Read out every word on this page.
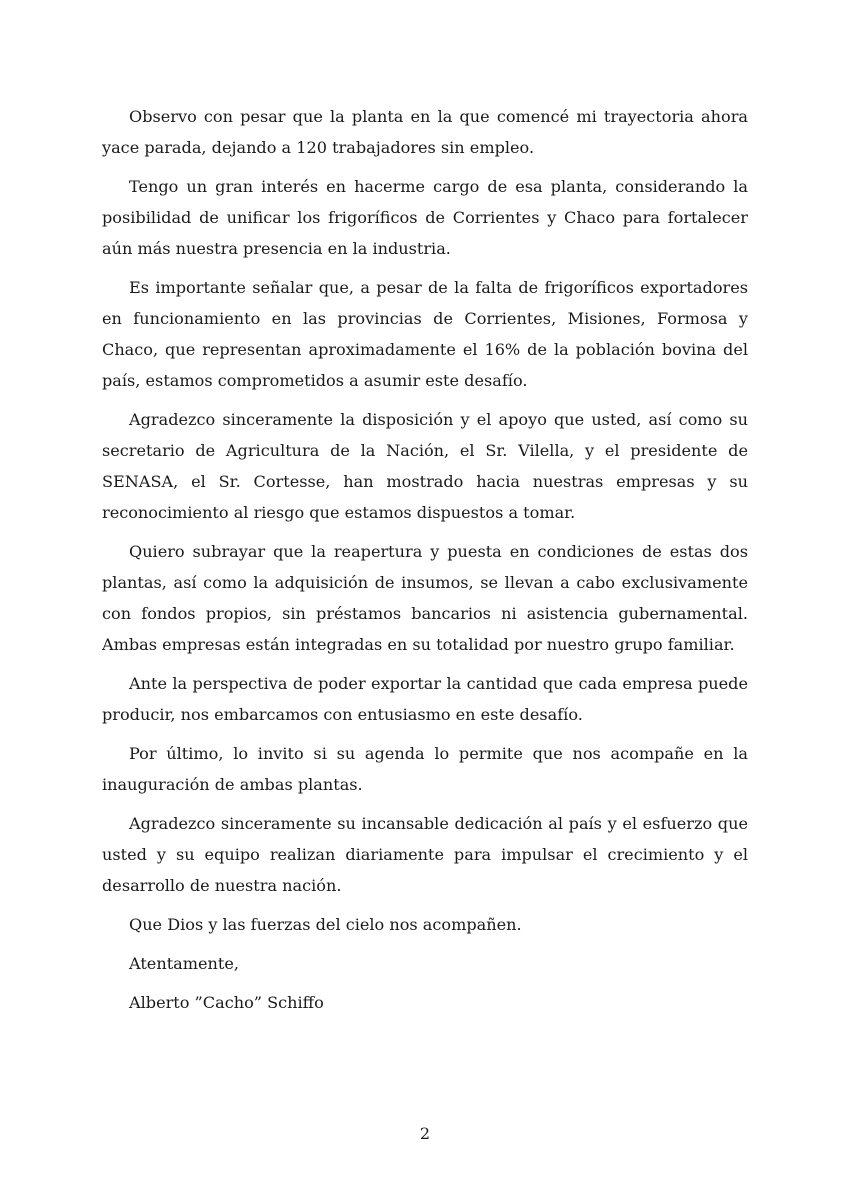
Observo con pesar que la planta en la que comencé mi trayectoria ahora yace parada, dejando a 120 trabajadores sin empleo.

Tengo un gran interés en hacerme cargo de esa planta, considerando la posibilidad de unificar los frigoríficos de Corrientes y Chaco para fortalecer aún más nuestra presencia en la industria.

Es importante señalar que, a pesar de la falta de frigoríficos exportadores en funcionamiento en las provincias de Corrientes, Misiones, Formosa y Chaco, que representan aproximadamente el 16% de la población bovina del país, estamos comprometidos a asumir este desafío.

Agradezco sinceramente la disposición y el apoyo que usted, así como su secretario de Agricultura de la Nación, el Sr. Vilella, y el presidente de SENASA, el Sr. Cortesse, han mostrado hacia nuestras empresas y su reconocimiento al riesgo que estamos dispuestos a tomar.

Quiero subrayar que la reapertura y puesta en condiciones de estas dos plantas, así como la adquisición de insumos, se llevan a cabo exclusivamente con fondos propios, sin préstamos bancarios ni asistencia gubernamental. Ambas empresas están integradas en su totalidad por nuestro grupo familiar.

Ante la perspectiva de poder exportar la cantidad que cada empresa puede producir, nos embarcamos con entusiasmo en este desafío.

Por último, lo invito si su agenda lo permite que nos acompañe en la inauguración de ambas plantas.

Agradezco sinceramente su incansable dedicación al país y el esfuerzo que usted y su equipo realizan diariamente para impulsar el crecimiento y el desarrollo de nuestra nación.

Que Dios y las fuerzas del cielo nos acompañen.

Atentamente,

Alberto ”Cacho” Schiffo

2
